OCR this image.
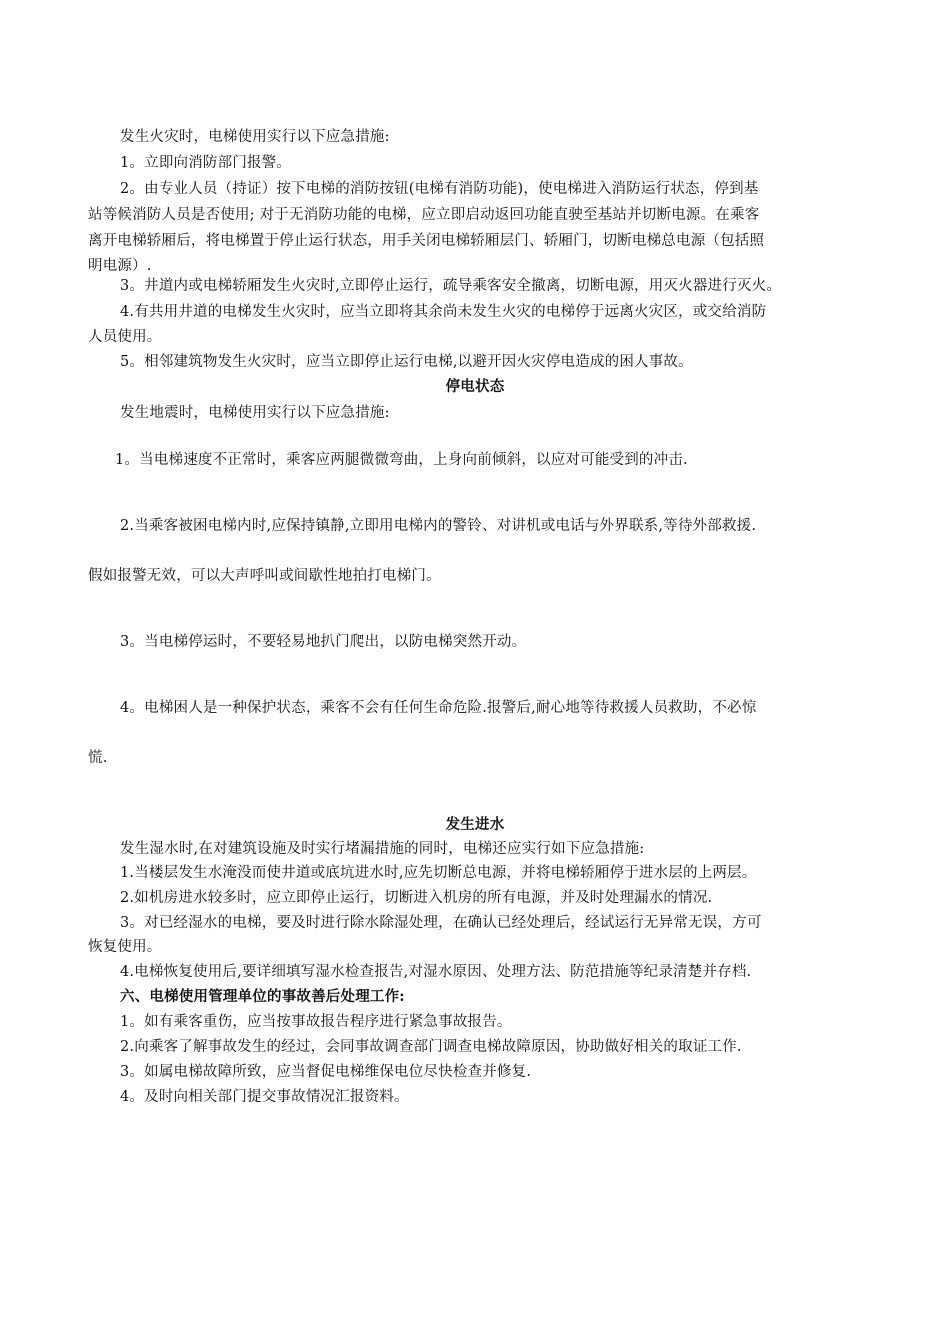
发生火灾时，电梯使用实行以下应急措施:
1。立即向消防部门报警。
2。由专业人员（持证）按下电梯的消防按钮(电梯有消防功能)，使电梯进入消防运行状态，停到基
站等候消防人员是否使用; 对于无消防功能的电梯，应立即启动返回功能直驶至基站并切断电源。在乘客
离开电梯轿厢后，将电梯置于停止运行状态，用手关闭电梯轿厢层门、轿厢门，切断电梯总电源（包括照
明电源）.
3。井道内或电梯轿厢发生火灾时,立即停止运行，疏导乘客安全撤离，切断电源，用灭火器进行灭火。
4.有共用井道的电梯发生火灾时，应当立即将其余尚未发生火灾的电梯停于远离火灾区，或交给消防
人员使用。
5。相邻建筑物发生火灾时，应当立即停止运行电梯,以避开因火灾停电造成的困人事故。
停电状态
发生地震时，电梯使用实行以下应急措施:
1。当电梯速度不正常时，乘客应两腿微微弯曲，上身向前倾斜，以应对可能受到的冲击.
2.当乘客被困电梯内时,应保持镇静,立即用电梯内的警铃、对讲机或电话与外界联系,等待外部救援.
假如报警无效，可以大声呼叫或间歇性地拍打电梯门。
3。当电梯停运时，不要轻易地扒门爬出，以防电梯突然开动。
4。电梯困人是一种保护状态，乘客不会有任何生命危险.报警后,耐心地等待救援人员救助，不必惊
慌.
发生进水
发生湿水时,在对建筑设施及时实行堵漏措施的同时，电梯还应实行如下应急措施:
1.当楼层发生水淹没而使井道或底坑进水时,应先切断总电源，并将电梯轿厢停于进水层的上两层。
2.如机房进水较多时，应立即停止运行，切断进入机房的所有电源，并及时处理漏水的情况.
3。对已经湿水的电梯，要及时进行除水除湿处理，在确认已经处理后，经试运行无异常无误，方可
恢复使用。
4.电梯恢复使用后,要详细填写湿水检查报告,对湿水原因、处理方法、防范措施等纪录清楚并存档.
六、电梯使用管理单位的事故善后处理工作:
1。如有乘客重伤，应当按事故报告程序进行紧急事故报告。
2.向乘客了解事故发生的经过，会同事故调查部门调查电梯故障原因，协助做好相关的取证工作.
3。如属电梯故障所致，应当督促电梯维保电位尽快检查并修复.
4。及时向相关部门提交事故情况汇报资料。
